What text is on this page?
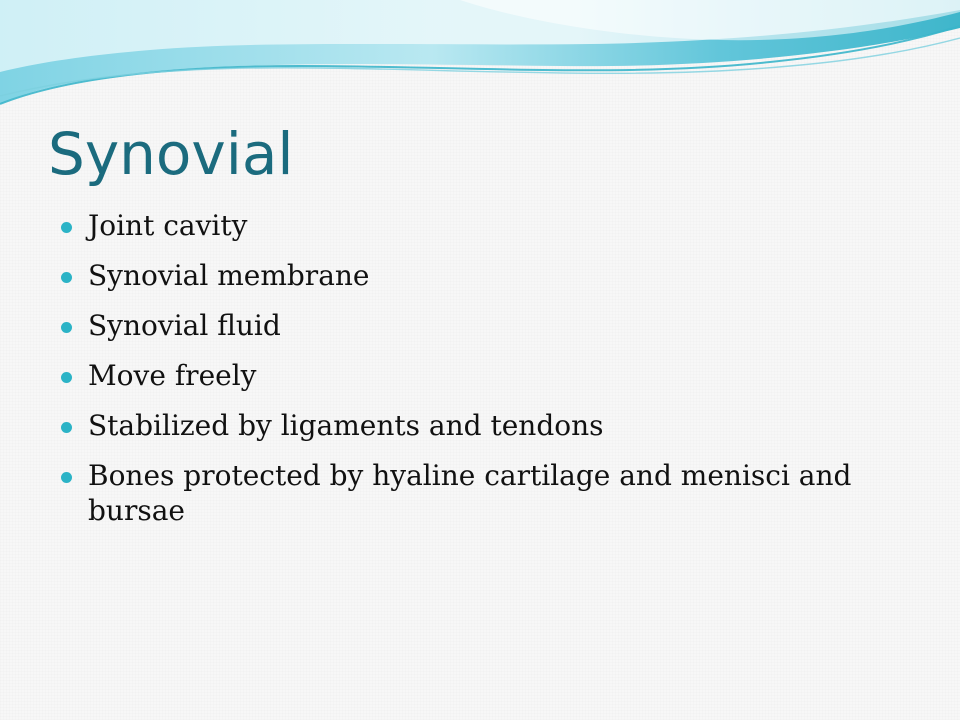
Synovial
Joint cavity
Synovial membrane
Synovial fluid
Move freely
Stabilized by ligaments and tendons
Bones protected by hyaline cartilage and menisci and bursae
